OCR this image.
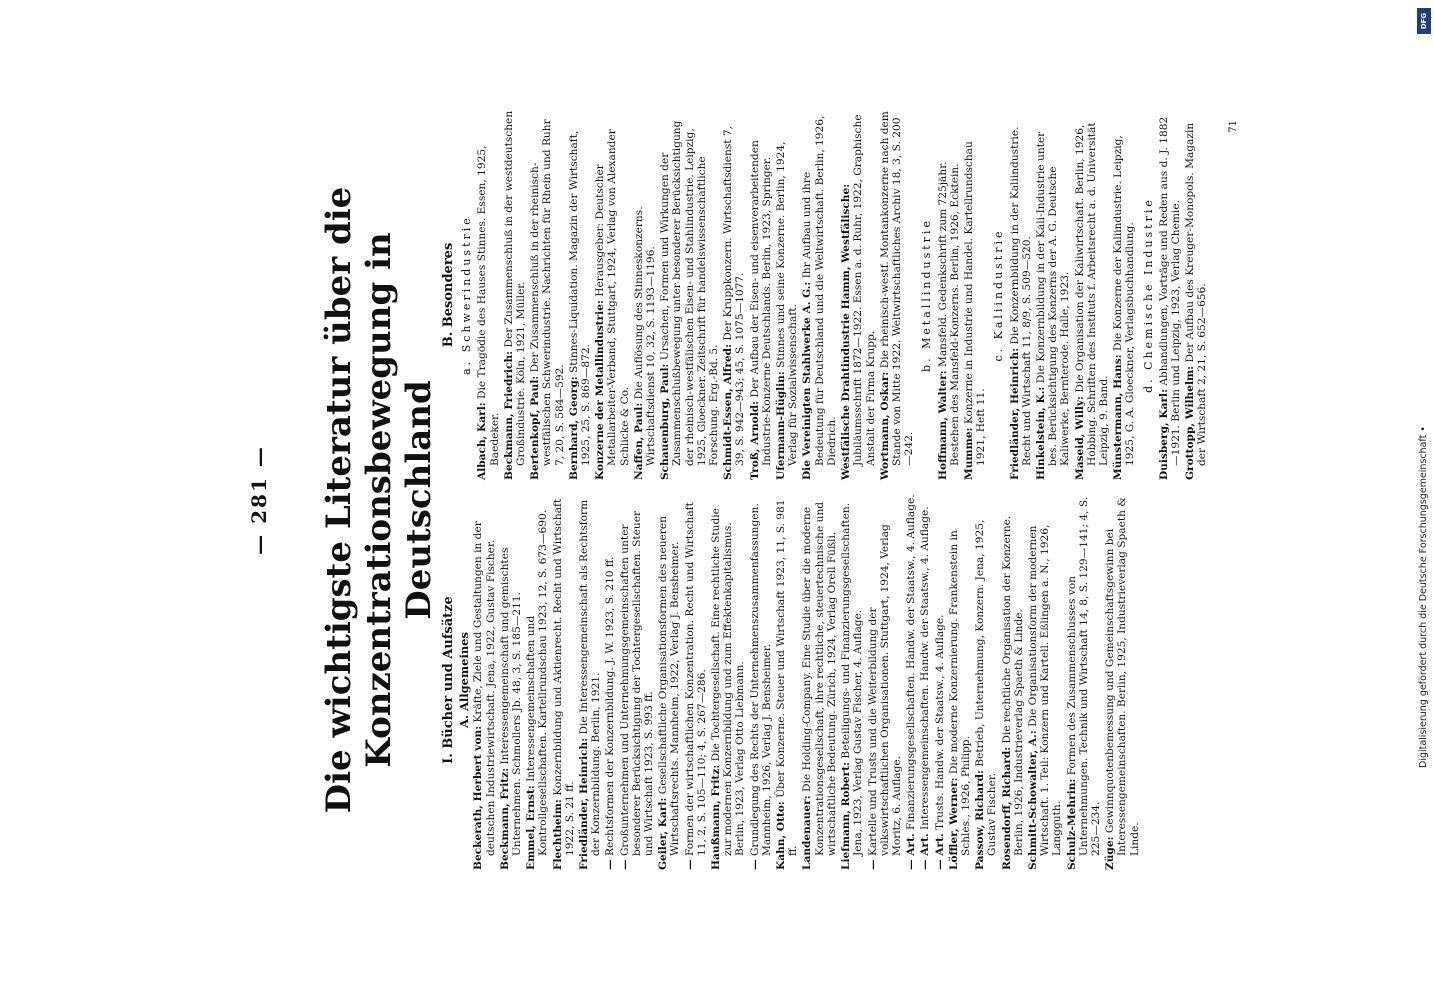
— 281 — Die wichtigste Literatur über die Konzentrationsbewegung in Deutschland
I. Bücher und Aufsätze A. Allgemeines
Beckerath, Herbert von: Kräfte, Ziele und Gestaltungen in der deutschen Industriewirtschaft. Jena, 1922, Gustav Fischer. Beckmann, Fritz: Interessengemeinschaft und gemischtes Unternehmen. Schmollers Jb. 48, 3, S. 185—211. Emmel, Ernst: Interessengemeinschaften und Kontrollgesellschaften. Kartellrundschau 1923, 12, S. 673—690. Flechtheim: Konzernbildung und Aktienrecht. Recht und Wirtschaft 1922, S. 21 ff. Friedländer, Heinrich: Die Interessengemeinschaft als Rechtsform der Konzernbildung. Berlin, 1921.
— Rechtsformen der Konzernbildung. J. W. 1923, S. 210 ff.
— Großunternehmen und Unternehmungsgemeinschaften unter besonderer Berücksichtigung der Tochtergesellschaften. Steuer und Wirtschaft 1923, S. 993 ff. Geiler, Karl: Gesellschaftliche Organisationsformen des neueren Wirtschaftsrechts. Mannheim, 1922, Verlag J. Bensheimer.
— Formen der wirtschaftlichen Konzentration. Recht und Wirtschaft 11, 2, S. 105—110; 4, S. 267—286. Haußmann, Fritz: Die Tochtergesellschaft. Eine rechtliche Studie zur modernen Konzernbildung und zum Effektenkapitalismus. Berlin, 1923, Verlag Otto Liebmann.
— Grundlegung des Rechts der Unternehmenszusammenfassungen. Mannheim, 1926, Verlag J. Bensheimer. Kahn, Otto: Über Konzerne. Steuer und Wirtschaft 1923, 11, S. 981 ff. Landenauer: Die Holding-Company. Eine Studie über die moderne Konzentrationsgesellschaft, ihre rechtliche, steuertechnische und wirtschaftliche Bedeutung. Zürich, 1924, Verlag Orell Füßli. Liefmann, Robert: Beteiligungs- und Finanzierungsgesellschaften. Jena, 1923, Verlag Gustav Fischer, 4. Auflage.
— Kartelle und Trusts und die Weiterbildung der volkswirtschaftlichen Organisationen. Stuttgart, 1924, Verlag Moritz, 6. Auflage. — Art. Finanzierungsgesellschaften. Handw. der Staatsw., 4. Auflage.
— Art. Interessengemeinschaften. Handw. der Staatsw., 4. Auflage.
— Art. Trusts. Handw. der Staatsw., 4. Auflage. Löffler, Werner: Die moderne Konzernierung. Frankenstein in Schles., 1926, Philipp. Passow, Richard: Betrieb, Unternehmung, Konzern. Jena, 1925, Gustav Fischer. Rosendorff, Richard: Die rechtliche Organisation der Konzerne. Berlin, 1926, Industrieverlag Spaeth & Linde. Schmitt-Schowalter, A.: Die Organisationsform der modernen Wirtschaft. 1. Teil: Konzern und Kartell. Eßlingen a. N., 1926, Langguth. Schulz-Mehrin: Formen des Zusammenschlusses von Unternehmungen. Technik und Wirtschaft 14, 8, S. 129—141; 4, S. 225—234. Züge: Gewinnquotenbemessung und Gemeinschaftsgewinn bei Interessengemeinschaften. Berlin, 1925, Industrieverlag Spaeth & Linde.
B. Besonderes a. Schwerindustrie
Albach, Karl: Die Tragödie des Hauses Stinnes. Essen, 1925, Baedeker. Beckmann, Friedrich: Der Zusammenschluß in der westdeutschen Großindustrie. Köln, 1921, Müller. Bertenkopf, Paul: Der Zusammenschluß in der rheinisch-westfälischen Schwerindustrie. Nachrichten für Rhein und Ruhr 7, 20, S. 584—592. Bernhard, Georg: Stinnes-Liquidation. Magazin der Wirtschaft, 1925, 25, S. 869—872. Konzerne der Metallindustrie: Herausgeber: Deutscher Metallarbeiter-Verband, Stuttgart, 1924, Verlag von Alexander Schlicke & Co. Naffen, Paul: Die Auflösung des Stinneskonzerns. Wirtschaftsdienst 10, 32, S. 1193—1196. Schauenburg, Paul: Ursachen, Formen und Wirkungen der Zusammenschlußbewegung unter besonderer Berücksichtigung der rheinisch-westfälischen Eisen- und Stahlindustrie. Leipzig, 1925, Gloeckner. Zeitschrift für handelswissenschaftliche Forschung. Erg.-Bd. 5. Schmidt-Essen, Alfred: Der Kruppkonzern. Wirtschaftsdienst 7, 39, S. 942—943; 45, S. 1075—1077. Troß, Arnold: Der Aufbau der Eisen- und eisenverarbeitenden Industrie-Konzerne Deutschlands. Berlin, 1923, Springer. Ufermann-Hüglin: Stinnes und seine Konzerne. Berlin, 1924, Verlag für Sozialwissenschaft. Die Vereinigten Stahlwerke A. G.: Ihr Aufbau und ihre Bedeutung für Deutschland und die Weltwirtschaft. Berlin, 1926, Diedrich. Westfälische Drahtindustrie Hamm, Westfälische: Jubiläumsschrift 1872—1922. Essen a. d. Ruhr, 1922, Graphische Anstalt der Firma Krupp. Wortmann, Oskar: Die rheinisch-westf. Montankonzerne nach dem Stande von Mitte 1922. Weltwirtschaftliches Archiv 18, 3, S. 200—242.
b. Metallindustrie
Hoffmann, Walter: Mansfeld. Gedenkschrift zum 725jähr. Bestehen des Mansfeld-Konzerns. Berlin, 1926, Ecktein. Mumme: Konzerne in Industrie und Handel. Kartellrundschau 1921, Heft 11.
c. Kaliindustrie
Friedländer, Heinrich: Die Konzernbildung in der Kaliindustrie. Recht und Wirtschaft 11, 8/9, S. 509—520. Hinkelstein, K.: Die Konzernbildung in der Kali-Industrie unter bes. Berücksichtigung des Konzerns der A. G. Deutsche Kaliwerke, Bernterode. Halle, 1923. Maseid, Willy: Die Organisation der Kaliwirtschaft. Berlin, 1926, Hobbing. Schriften des Instituts f. Arbeitsrecht a. d. Universität Leipzig, 9. Band. Münstermann, Hans: Die Konzerne der Kaliindustrie. Leipzig, 1925, G. A. Gloeckner, Verlagsbuchhandlung. d. Chemische Industrie
Duisberg, Karl: Abhandlungen, Vorträge und Reden aus d. J. 1882—1921. Berlin und Leipzig, 1923, Verlag Chemie. Grottopp, Wilhelm: Der Aufbau des Kreuger-Monopols. Magazin der Wirtschaft 2, 21, S. 652—656.
71
DFG
Digitalisierung gefördert durch die Deutsche Forschungsgemeinschaft •
